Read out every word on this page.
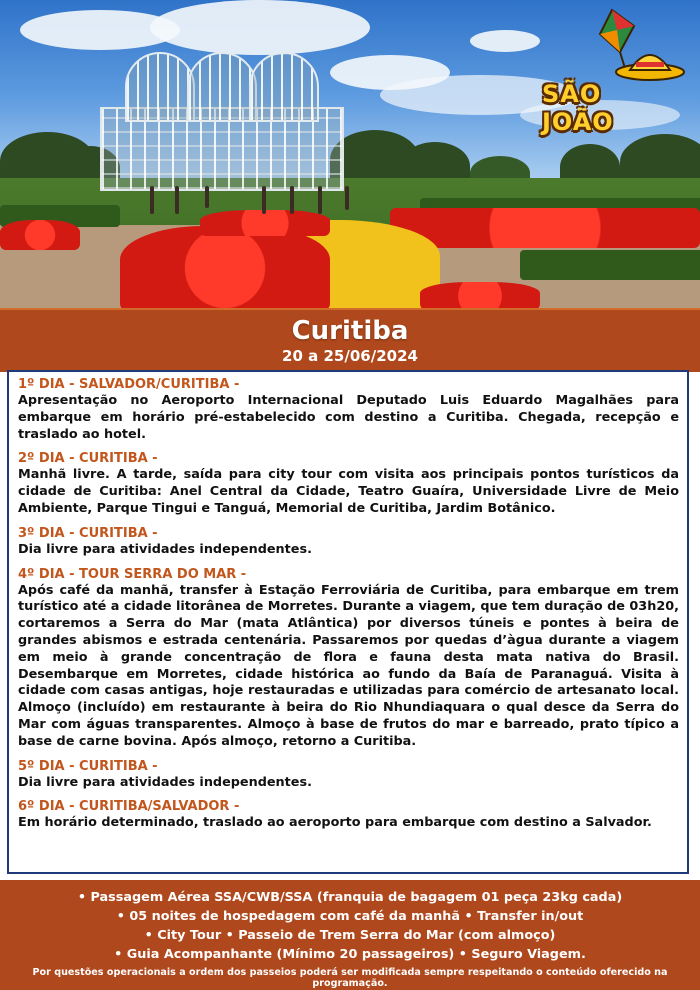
SÃO JOÃO
Curitiba
20 a 25/06/2024
1º DIA - SALVADOR/CURITIBA -
Apresentação no Aeroporto Internacional Deputado Luis Eduardo Magalhães para embarque em horário pré-estabelecido com destino a Curitiba. Chegada, recepção e traslado ao hotel.
2º DIA - CURITIBA -
Manhã livre. A tarde, saída para city tour com visita aos principais pontos turísticos da cidade de Curitiba: Anel Central da Cidade, Teatro Guaíra, Universidade Livre de Meio Ambiente, Parque Tingui e Tanguá, Memorial de Curitiba, Jardim Botânico.
3º DIA - CURITIBA -
Dia livre para atividades independentes.
4º DIA - TOUR SERRA DO MAR -
Após café da manhã, transfer à Estação Ferroviária de Curitiba, para embarque em trem turístico até a cidade litorânea de Morretes. Durante a viagem, que tem duração de 03h20, cortaremos a Serra do Mar (mata Atlântica) por diversos túneis e pontes à beira de grandes abismos e estrada centenária. Passaremos por quedas d’àgua durante a viagem em meio à grande concentração de flora e fauna desta mata nativa do Brasil. Desembarque em Morretes, cidade histórica ao fundo da Baía de Paranaguá. Visita à cidade com casas antigas, hoje restauradas e utilizadas para comércio de artesanato local. Almoço (incluído) em restaurante à beira do Rio Nhundiaquara o qual desce da Serra do Mar com águas transparentes. Almoço à base de frutos do mar e barreado, prato típico a base de carne bovina. Após almoço, retorno a Curitiba.
5º DIA - CURITIBA -
Dia livre para atividades independentes.
6º DIA - CURITIBA/SALVADOR -
Em horário determinado, traslado ao aeroporto para embarque com destino a Salvador.
• Passagem Aérea SSA/CWB/SSA (franquia de bagagem 01 peça 23kg cada)
• 05 noites de hospedagem com café da manhã • Transfer in/out
• City Tour • Passeio de Trem Serra do Mar (com almoço)
• Guia Acompanhante (Mínimo 20 passageiros) • Seguro Viagem.
Por questões operacionais a ordem dos passeios poderá ser modificada sempre respeitando o conteúdo oferecido na programação.
